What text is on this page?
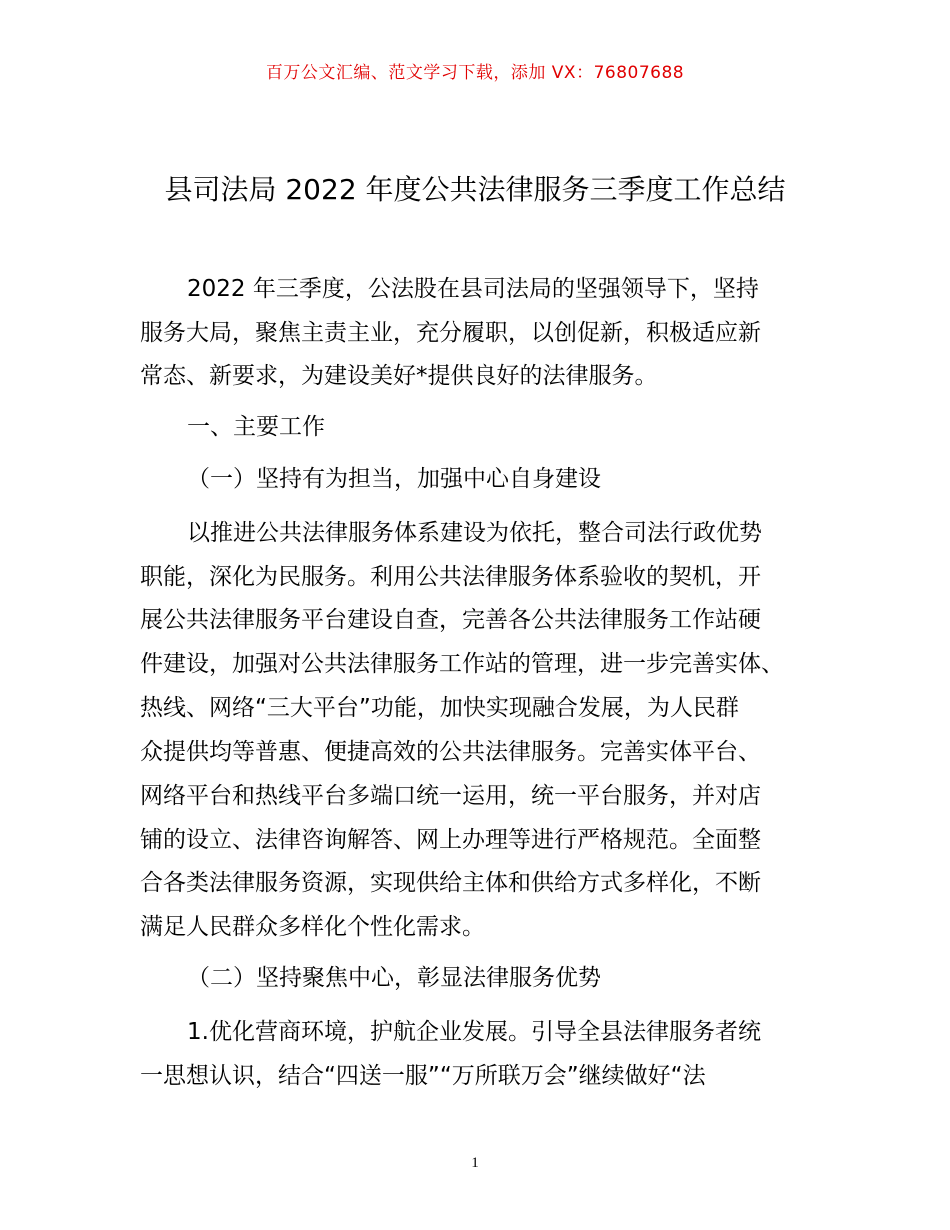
百万公文汇编、范文学习下载，添加 VX：76807688
县司法局 2022 年度公共法律服务三季度工作总结
2022 年三季度，公法股在县司法局的坚强领导下，坚持
服务大局，聚焦主责主业，充分履职，以创促新，积极适应新
常态、新要求，为建设美好*提供良好的法律服务。
一、主要工作
（一）坚持有为担当，加强中心自身建设
以推进公共法律服务体系建设为依托，整合司法行政优势
职能，深化为民服务。利用公共法律服务体系验收的契机，开
展公共法律服务平台建设自查，完善各公共法律服务工作站硬
件建设，加强对公共法律服务工作站的管理，进一步完善实体、
热线、网络“三大平台”功能，加快实现融合发展，为人民群
众提供均等普惠、便捷高效的公共法律服务。完善实体平台、
网络平台和热线平台多端口统一运用，统一平台服务，并对店
铺的设立、法律咨询解答、网上办理等进行严格规范。全面整
合各类法律服务资源，实现供给主体和供给方式多样化，不断
满足人民群众多样化个性化需求。
（二）坚持聚焦中心，彰显法律服务优势
1.优化营商环境，护航企业发展。引导全县法律服务者统
一思想认识，结合“四送一服”“万所联万会”继续做好“法
1
